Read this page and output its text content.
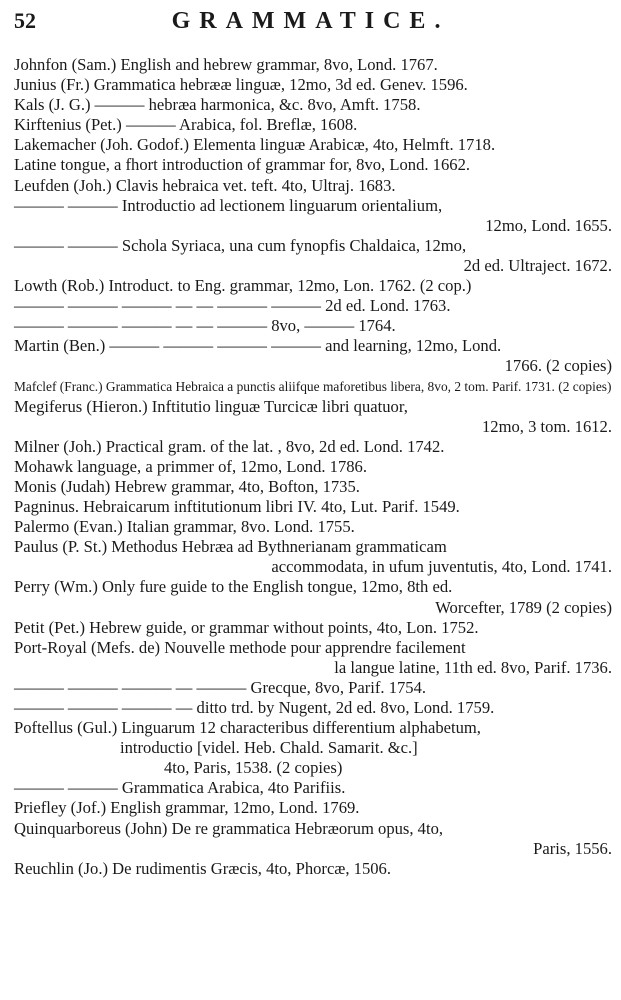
52	GRAMMATICE.
Johnfon (Sam.) English and hebrew grammar, 8vo, Lond. 1767.
Junius (Fr.) Grammatica hebrææ linguæ, 12mo, 3d ed. Genev. 1596.
Kals (J. G.) ——— hebræa harmonica, &c. 8vo, Amft. 1758.
Kirftenius (Pet.) ——— Arabica, fol. Breflæ, 1608.
Lakemacher (Joh. Godof.) Elementa linguæ Arabicæ, 4to, Helmft. 1718.
Latine tongue, a fhort introduction of grammar for, 8vo, Lond. 1662.
Leufden (Joh.) Clavis hebraica vet. teft. 4to, Ultraj. 1683.
——— ——— Introductio ad lectionem linguarum orientalium,
12mo, Lond. 1655.
——— ——— Schola Syriaca, una cum fynopfis Chaldaica, 12mo,
2d ed. Ultraject. 1672.
Lowth (Rob.) Introduct. to Eng. grammar, 12mo, Lon. 1762. (2 cop.)
——— ——— ——— — — ——— ——— 2d ed. Lond. 1763.
——— ——— ——— — — ——— 8vo, ——— 1764.
Martin (Ben.) ——— ——— ——— ——— and learning, 12mo, Lond.
1766. (2 copies)
Mafclef (Franc.) Grammatica Hebraica a punctis aliifque maforetibus libera, 8vo, 2 tom. Parif. 1731. (2 copies)
Megiferus (Hieron.) Inftitutio linguæ Turcicæ libri quatuor,
12mo, 3 tom. 1612.
Milner (Joh.) Practical gram. of the lat. , 8vo, 2d ed. Lond. 1742.
Mohawk language, a primmer of, 12mo, Lond. 1786.
Monis (Judah) Hebrew grammar, 4to, Bofton, 1735.
Pagninus. Hebraicarum inftitutionum libri IV. 4to, Lut. Parif. 1549.
Palermo (Evan.) Italian grammar, 8vo. Lond. 1755.
Paulus (P. St.) Methodus Hebræa ad Bythnerianam grammaticam
accommodata, in ufum juventutis, 4to, Lond. 1741.
Perry (Wm.) Only fure guide to the English tongue, 12mo, 8th ed.
Worcefter, 1789 (2 copies)
Petit (Pet.) Hebrew guide, or grammar without points, 4to, Lon. 1752.
Port-Royal (Mefs. de) Nouvelle methode pour apprendre facilement
la langue latine, 11th ed. 8vo, Parif. 1736.
——— ——— ——— — ——— Grecque, 8vo, Parif. 1754.
——— ——— ——— — ditto trd. by Nugent, 2d ed. 8vo, Lond. 1759.
Poftellus (Gul.) Linguarum 12 characteribus differentium alphabetum,
introductio [videl. Heb. Chald. Samarit. &c.]
4to, Paris, 1538. (2 copies)
——— ——— Grammatica Arabica, 4to Parifiis.
Priefley (Jof.) English grammar, 12mo, Lond. 1769.
Quinquarboreus (John) De re grammatica Hebræorum opus, 4to,
Paris, 1556.
Reuchlin (Jo.) De rudimentis Græcis, 4to, Phorcæ, 1506.
